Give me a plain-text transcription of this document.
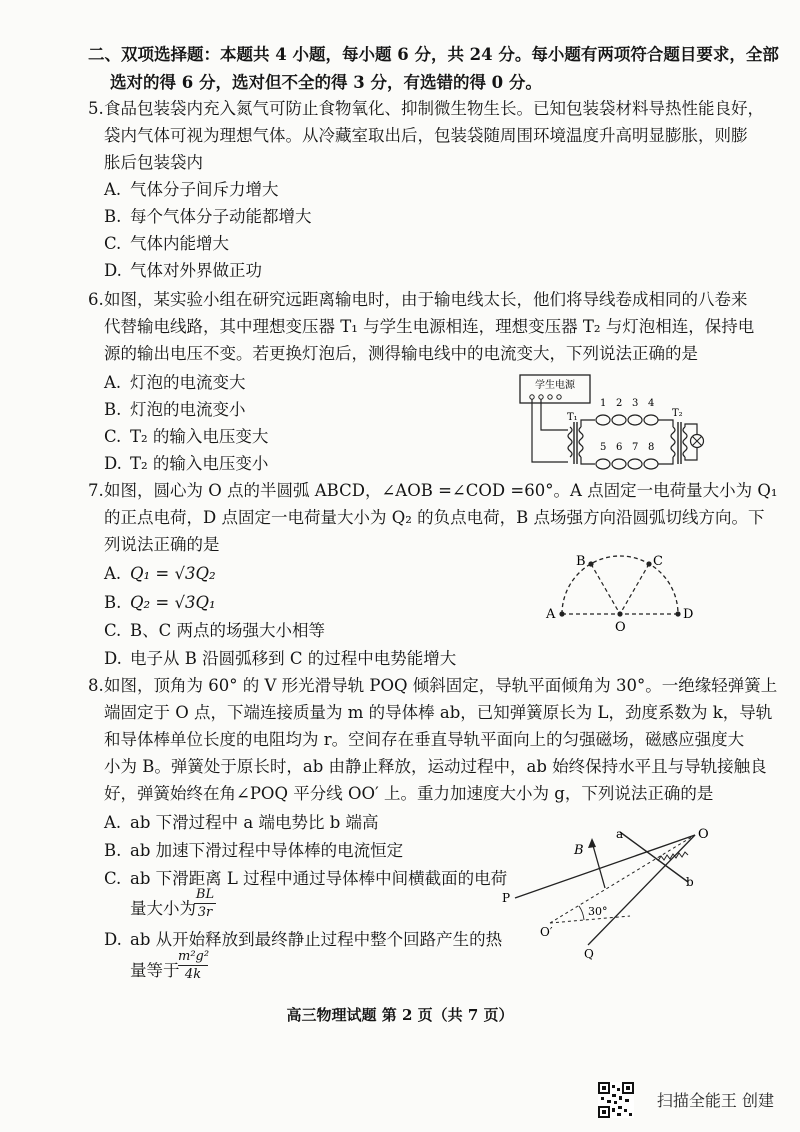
二、双项选择题：本题共 4 小题，每小题 6 分，共 24 分。每小题有两项符合题目要求，全部
选对的得 6 分，选对但不全的得 3 分，有选错的得 0 分。
5. 食品包装袋内充入氮气可防止食物氧化、抑制微生物生长。已知包装袋材料导热性能良好，
袋内气体可视为理想气体。从冷藏室取出后，包装袋随周围环境温度升高明显膨胀，则膨
胀后包装袋内
A. 气体分子间斥力增大
B. 每个气体分子动能都增大
C. 气体内能增大
D. 气体对外界做正功
6. 如图，某实验小组在研究远距离输电时，由于输电线太长，他们将导线卷成相同的八卷来
代替输电线路，其中理想变压器 T₁ 与学生电源相连，理想变压器 T₂ 与灯泡相连，保持电
源的输出电压不变。若更换灯泡后，测得输电线中的电流变大，下列说法正确的是
A. 灯泡的电流变大
B. 灯泡的电流变小
C. T₂ 的输入电压变大
D. T₂ 的输入电压变小
学生电源
T₁
1 2 3 4
5 6 7 8
T₂
7. 如图，圆心为 O 点的半圆弧 ABCD，∠AOB =∠COD =60°。A 点固定一电荷量大小为 Q₁
的正点电荷，D 点固定一电荷量大小为 Q₂ 的负点电荷，B 点场强方向沿圆弧切线方向。下
列说法正确的是
A. Q₁ = √3Q₂
B. Q₂ = √3Q₁
C. B、C 两点的场强大小相等
D. 电子从 B 沿圆弧移到 C 的过程中电势能增大
A
B	C
D
O
8. 如图，顶角为 60° 的 V 形光滑导轨 POQ 倾斜固定，导轨平面倾角为 30°。一绝缘轻弹簧上
端固定于 O 点，下端连接质量为 m 的导体棒 ab，已知弹簧原长为 L，劲度系数为 k，导轨
和导体棒单位长度的电阻均为 r。空间存在垂直导轨平面向上的匀强磁场，磁感应强度大
小为 B。弹簧处于原长时，ab 由静止释放，运动过程中，ab 始终保持水平且与导轨接触良
好，弹簧始终在角∠POQ 平分线 OO′ 上。重力加速度大小为 g，下列说法正确的是
A. ab 下滑过程中 a 端电势比 b 端高
B. ab 加速下滑过程中导体棒的电流恒定
C. ab 下滑距离 L 过程中通过导体棒中间横截面的电荷
量大小为
BL
3r
D. ab 从开始释放到最终静止过程中整个回路产生的热
量等于
m²g²
4k
O
a
b
P
Q
O′
B
30°
高三物理试题 第 2 页（共 7 页）
扫描全能王 创建
